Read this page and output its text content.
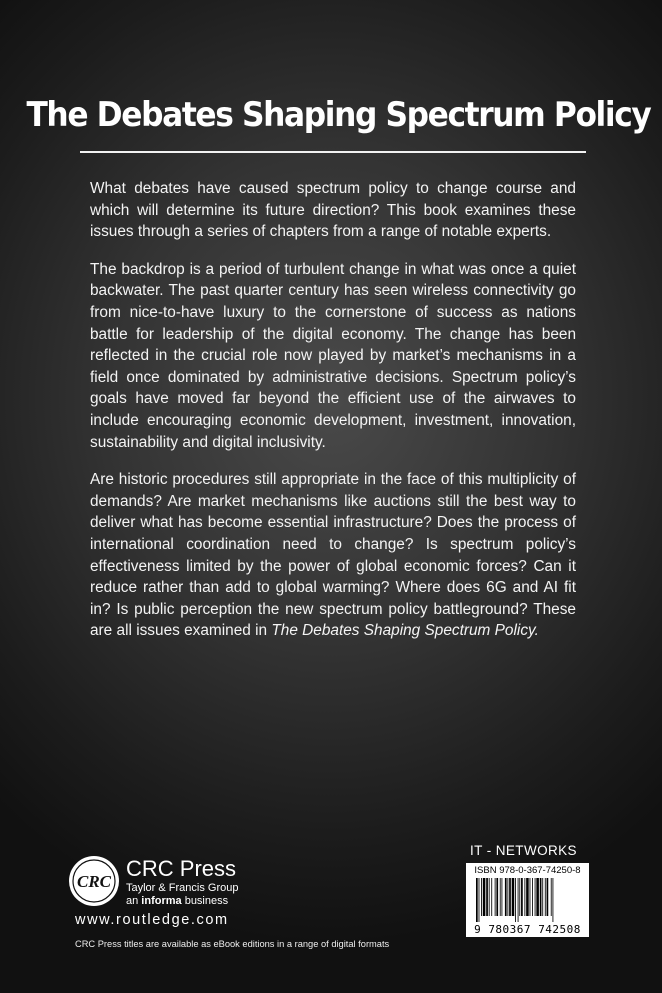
The Debates Shaping Spectrum Policy

What debates have caused spectrum policy to change course and which will determine its future direction? This book examines these issues through a series of chapters from a range of notable experts.

The backdrop is a period of turbulent change in what was once a quiet backwater. The past quarter century has seen wireless connectivity go from nice-to-have luxury to the cornerstone of success as nations battle for leadership of the digital economy. The change has been reflected in the crucial role now played by market’s mechanisms in a field once dominated by administrative decisions. Spectrum policy’s goals have moved far beyond the efficient use of the airwaves to include encouraging economic development, investment, innovation, sustainability and digital inclusivity.

Are historic procedures still appropriate in the face of this multiplicity of demands? Are market mechanisms like auctions still the best way to deliver what has become essential infrastructure? Does the process of international coordination need to change? Is spectrum policy’s effectiveness limited by the power of global economic forces? Can it reduce rather than add to global warming? Where does 6G and AI fit in? Is public perception the new spectrum policy battleground? These are all issues examined in The Debates Shaping Spectrum Policy.

CRC
CRC Press
Taylor & Francis Group
an informa business
www.routledge.com
CRC Press titles are available as eBook editions in a range of digital formats
IT - NETWORKS
ISBN 978-0-367-74250-8
9 780367 742508
